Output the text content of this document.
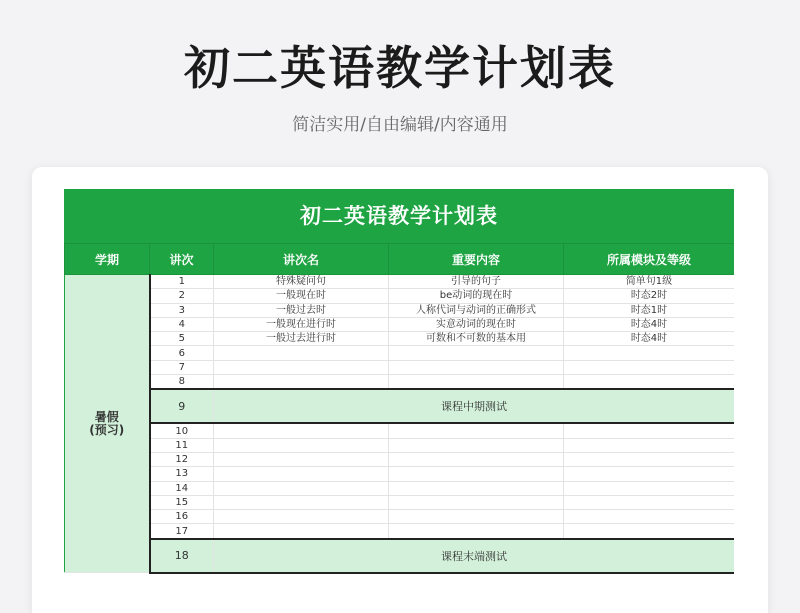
初二英语教学计划表
简洁实用/自由编辑/内容通用
初二英语教学计划表
学期	讲次	讲次名	重要内容	所属模块及等级

暑假
(预习)	1	特殊疑问句	引导的句子	简单句1级
	2	一般现在时	be动词的现在时	时态2时
	3	一般过去时	人称代词与动词的正确形式	时态1时
	4	一般现在进行时	实意动词的现在时	时态4时
	5	一般过去进行时	可数和不可数的基本用	时态4时
	6			
	7			
	8			
	9	课程中期测试		
	10			
	11			
	12			
	13			
	14			
	15			
	16			
	17			
	18	课程末端测试		
